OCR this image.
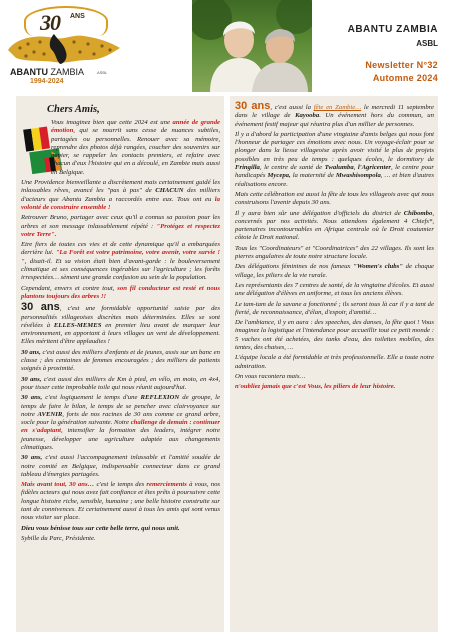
30 ANS
ABANTU ZAMBIA	ASBL
1994-2024
ABANTU ZAMBIA
ASBL
Newsletter N°32
Automne 2024
Chers Amis,

Vous imaginez bien que cette 2024 est une année de grande émotion, qui se nourrit sans cesse de nuances subtiles, partagées ou personnelles. Renouer avec sa mémoire, reprendre des photos déjà rangées, coucher des souvenirs sur papier, se rappeler les contacts premiers, et refaire avec chacun d'eux l'histoire qui en a découlé, en Zambie mais aussi en Belgique.

Une Providence bienveillante a discrètement mais certainement guidé les inlassables rêves, avancé les "pas à pas" de CHACUN des milliers d'acteurs que Abantu Zambia a raccordés entre eux. Tous ont eu la volonté de construire ensemble !

Retrouver Bruno, partager avec ceux qu'il a connus sa passion pour les arbres et son message inlassablement répété : "Protégez et respectez votre Terre".

Etre fiers de toutes ces vies et de cette dynamique qu'il a embarquées derrière lui. "La Forêt est votre patrimoine, votre avenir, votre survie ! ", disait-il. Et sa vision était bien d'avant-garde : le bouleversement climatique et ses conséquences ingérables sur l'agriculture ; les forêts irrespectées… sèment une grande confusion au sein de la population.

Cependant, envers et contre tout, son fil conducteur est resté et nous plantons toujours des arbres !!

30 ans, c'est une formidable opportunité saisie par des personnalités villageoises discrètes mais déterminées. Elles se sont révélées à ELLES-MEMES en premier lieu avant de marquer leur environnement, en apportant à leurs villages un vent de développement. Elles méritent d'être applaudies !

30 ans, c'est aussi des milliers d'enfants et de jeunes, assis sur un banc en classe ; des centaines de femmes encouragées ; des milliers de patients soignés à proximité.

30 ans, c'est aussi des milliers de Km à pied, en vélo, en moto, en 4x4, pour tisser cette improbable toile qui nous réunit aujourd'hui.

30 ans, c'est logiquement le temps d'une REFLEXION de groupe, le temps de faire le bilan, le temps de se pencher avec clairvoyance sur notre AVENIR, forts de nos racines de 30 ans comme ce grand arbre, socle pour la génération suivante. Notre challenge de demain : continuer en s'adaptant, intensifier la formation des leaders, intégrer notre jeunesse, développer une agriculture adaptée aux changements climatiques.

30 ans, c'est aussi l'accompagnement inlassable et l'amitié soudée de notre comité en Belgique, indispensable connecteur dans ce grand tableau d'énergies partagées.

Mais avant tout, 30 ans… c'est le temps des remerciements à vous, nos fidèles acteurs qui nous avez fait confiance et êtes prêts à poursuivre cette longue histoire riche, sensible, humaine ; une belle histoire construite sur tant de connivences. Et certainement aussi à tous les amis qui sont venus nous visiter sur place.

Dieu vous bénisse tous sur cette belle terre, qui nous unit.

Sybille du Parc, Présidente.

30 ans, c'est aussi la fête en Zambie… le mercredi 11 septembre dans le village de Kayooba. Un événement hors du commun, un événement festif majeur qui réunira plus d'un millier de personnes.

Il y a d'abord la participation d'une vingtaine d'amis belges qui nous font l'honneur de partager ces émotions avec nous. Un voyage-éclair pour se plonger dans la liesse villageoise après avoir visité le plus de projets possibles en très peu de temps : quelques écoles, le dormitory de Fringilla, le centre de santé de Twalumba, l'Agricenter, le centre pour handicapés Mycepa, la maternité de Mwashisompola, … et bien d'autres réalisations encore.

Mais cette célébration est aussi la fête de tous les villageois avec qui nous construisons l'avenir depuis 30 ans.

Il y aura bien sûr une délégation d'officiels du district de Chibombo, concernés par nos activités. Nous attendons également 4 Chiefs*, partenaires incontournables en Afrique centrale où le Droit coutumier côtoie le Droit national.

Tous les "Coordinateurs" et "Coordinatrices" des 22 villages. Ils sont les pierres angulaires de toute notre structure locale.

Des délégations féminines de nos fameux "Women's clubs" de chaque village, les piliers de la vie rurale.

Les représentants des 7 centres de santé, de la vingtaine d'écoles. Et aussi une délégation d'élèves en uniforme, et tous les anciens élèves.

Le tam-tam de la savane a fonctionné ; ils seront tous là car il y a tant de fierté, de reconnaissance, d'élan, d'espoir, d'amitié…

De l'ambiance, il y en aura : des speeches, des danses, la fête quoi ! Vous imaginez la logistique et l'intendance pour accueillir tout ce petit monde : 5 vaches ont été achetées, des tanks d'eau, des toilettes mobiles, des tentes, des chaises, …

L'équipe locale a été formidable et très professionnelle. Elle a toute notre admiration.

On vous racontera mais…

n'oubliez jamais que c'est Vous, les piliers de leur histoire.
